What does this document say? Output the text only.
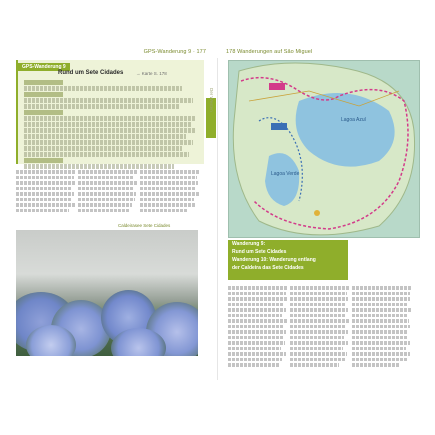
GPS-Wanderung 9 · 177
GPS-Wanderung 9
Rund um Sete Cidades	→ Karte S. 178
Der Westen
Caldeirasee Sete Cidades
178 Wanderungen auf São Miguel
Lagoa Azul
Lagoa Verde
Wanderung 9:
Rund um Sete Cidades
Wanderung 10: Wanderung entlang
der Caldeira das Sete Cidades
